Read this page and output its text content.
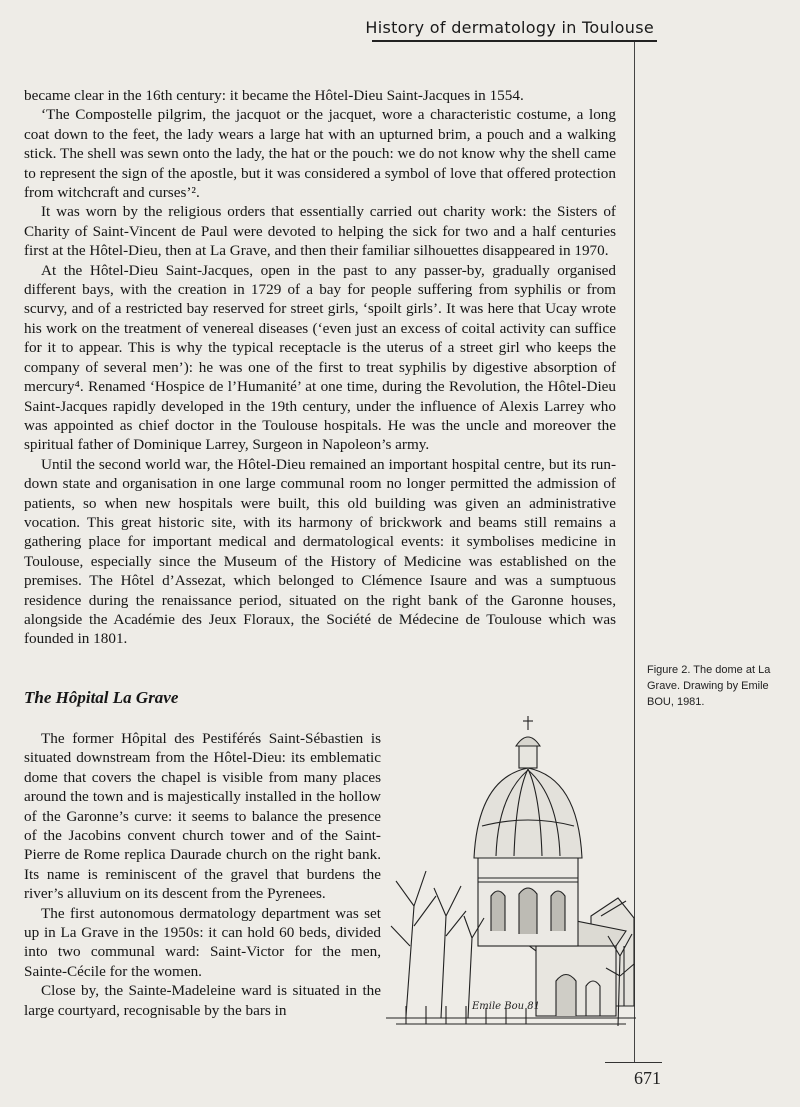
History of dermatology in Toulouse

became clear in the 16th century: it became the Hôtel-Dieu Saint-Jacques in 1554.

‘The Compostelle pilgrim, the jacquot or the jacquet, wore a characteristic costume, a long coat down to the feet, the lady wears a large hat with an upturned brim, a pouch and a walking stick. The shell was sewn onto the lady, the hat or the pouch: we do not know why the shell came to represent the sign of the apostle, but it was considered a symbol of love that offered protection from witchcraft and curses’².

It was worn by the religious orders that essentially carried out charity work: the Sisters of Charity of Saint-Vincent de Paul were devoted to helping the sick for two and a half centuries first at the Hôtel-Dieu, then at La Grave, and then their familiar silhouettes disappeared in 1970.

At the Hôtel-Dieu Saint-Jacques, open in the past to any passer-by, gradually organised different bays, with the creation in 1729 of a bay for people suffering from syphilis or from scurvy, and of a restricted bay reserved for street girls, ‘spoilt girls’. It was here that Ucay wrote his work on the treatment of venereal diseases (‘even just an excess of coital activity can suffice for it to appear. This is why the typical receptacle is the uterus of a street girl who keeps the company of several men’): he was one of the first to treat syphilis by digestive absorption of mercury⁴. Renamed ‘Hospice de l’Humanité’ at one time, during the Revolution, the Hôtel-Dieu Saint-Jacques rapidly developed in the 19th century, under the influence of Alexis Larrey who was appointed as chief doctor in the Toulouse hospitals. He was the uncle and moreover the spiritual father of Dominique Larrey, Surgeon in Napoleon’s army.

Until the second world war, the Hôtel-Dieu remained an important hospital centre, but its run-down state and organisation in one large communal room no longer permitted the admission of patients, so when new hospitals were built, this old building was given an administrative vocation. This great historic site, with its harmony of brickwork and beams still remains a gathering place for important medical and dermatological events: it symbolises medicine in Toulouse, especially since the Museum of the History of Medicine was established on the premises. The Hôtel d’Assezat, which belonged to Clémence Isaure and was a sumptuous residence during the renaissance period, situated on the right bank of the Garonne houses, alongside the Académie des Jeux Floraux, the Société de Médecine de Toulouse which was founded in 1801.

The Hôpital La Grave

The former Hôpital des Pestiférés Saint-Sébastien is situated downstream from the Hôtel-Dieu: its emblematic dome that covers the chapel is visible from many places around the town and is majestically installed in the hollow of the Garonne’s curve: it seems to balance the presence of the Jacobins convent church tower and of the Saint-Pierre de Rome replica Daurade church on the right bank. Its name is reminiscent of the gravel that burdens the river’s alluvium on its descent from the Pyrenees.

The first autonomous dermatology department was set up in La Grave in the 1950s: it can hold 60 beds, divided into two communal ward: Saint-Victor for the men, Sainte-Cécile for the women.

Close by, the Sainte-Madeleine ward is situated in the large courtyard, recognisable by the bars in

Figure 2. The dome at La Grave. Drawing by Emile BOU, 1981.
Emile Bou 81
671
